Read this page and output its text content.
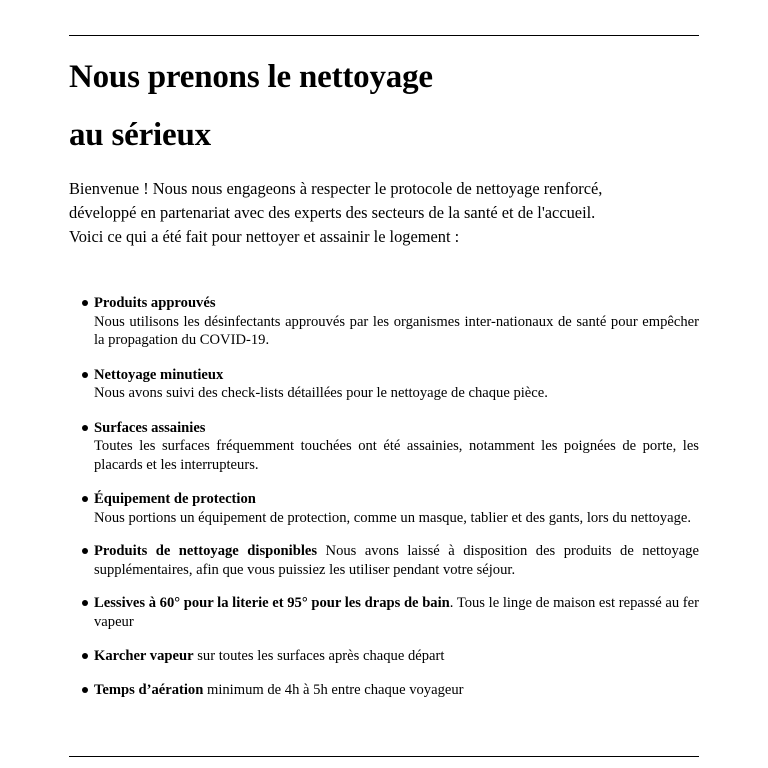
Nous prenons le nettoyage
au sérieux

Bienvenue ! Nous nous engageons à respecter le protocole de nettoyage renforcé,
développé en partenariat avec des experts des secteurs de la santé et de l'accueil.
Voici ce qui a été fait pour nettoyer et assainir le logement :

Produits approuvés
Nous utilisons les désinfectants approuvés par les organismes inter-nationaux de santé pour empêcher la propagation du COVID-19.
Nettoyage minutieux
Nous avons suivi des check-lists détaillées pour le nettoyage de chaque pièce.
Surfaces assainies
Toutes les surfaces fréquemment touchées ont été assainies, notamment les poignées de porte, les placards et les interrupteurs.
Équipement de protection
Nous portions un équipement de protection, comme un masque, tablier et des gants, lors du nettoyage.
Produits de nettoyage disponibles Nous avons laissé à disposition des produits de nettoyage supplémentaires, afin que vous puissiez les utiliser pendant votre séjour.
Lessives à 60° pour la literie et 95° pour les draps de bain. Tous le linge de maison est repassé au fer vapeur
Karcher vapeur sur toutes les surfaces après chaque départ
Temps d’aération minimum de 4h à 5h entre chaque voyageur
